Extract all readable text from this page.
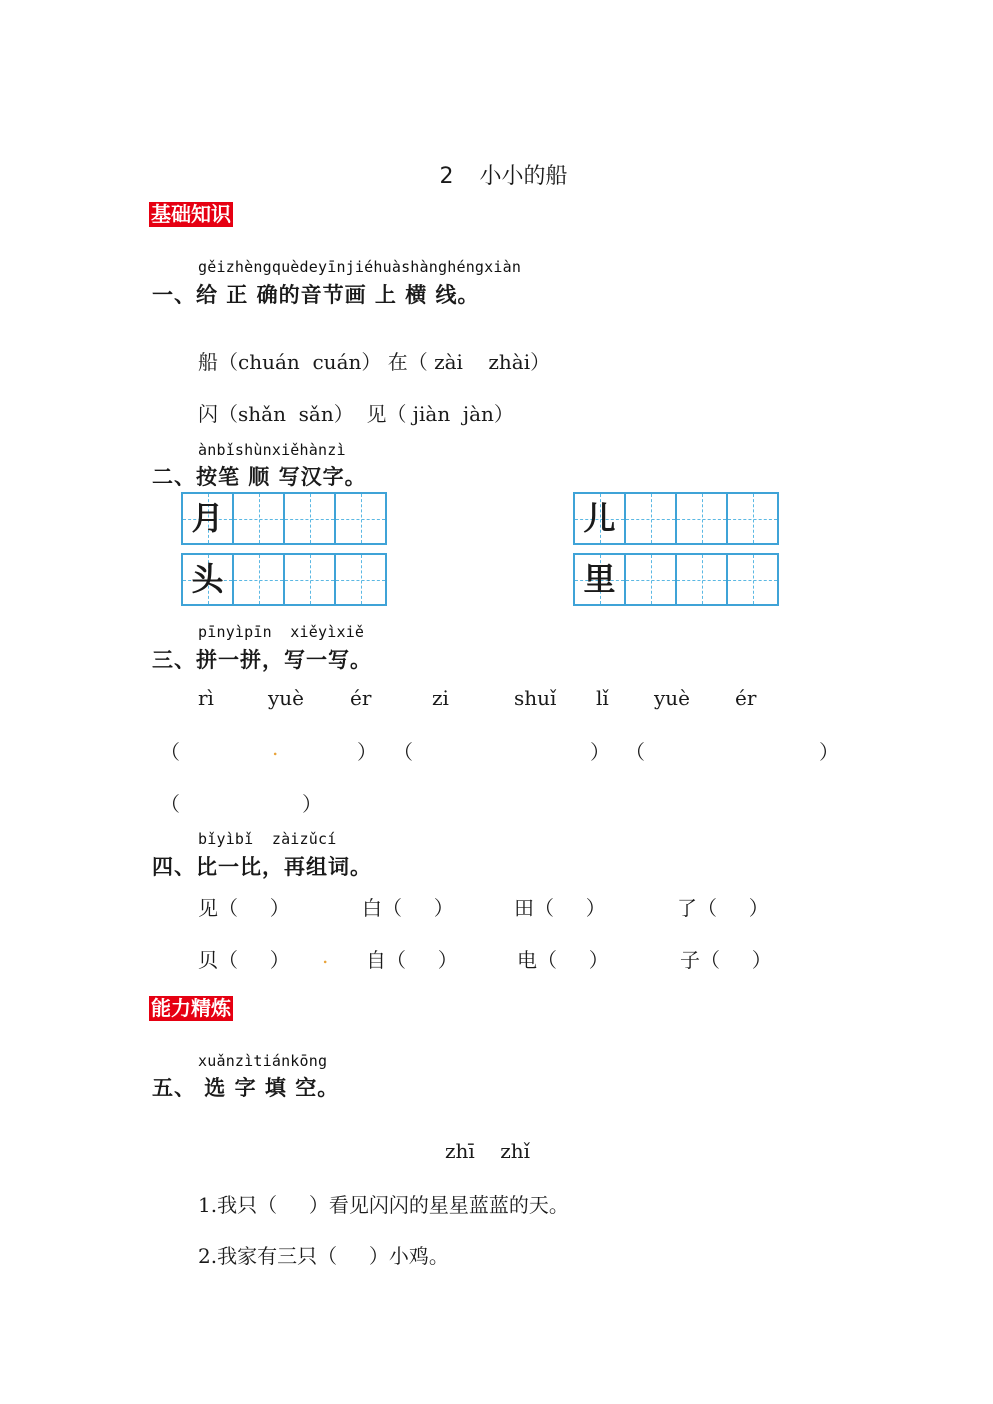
2 小小的船

基础知识
gěizhèngquèdeyīnjiéhuàshànghéngxiàn
一、给 正 确的音节画 上 横 线。
船（chuán  cuán） 在（ zài    zhài）
闪（shǎn  sǎn）  见（ jiàn  jàn）
ànbǐshùnxiěhànzì
二、按笔 顺 写汉字。
月
头
儿
里
pīnyìpīn  xiěyìxiě
三、拼一拼，写一写。
rì	yuè ér	zi	shuǐ lǐ yuè ér
（	.	） （	） （	）
（	）
bǐyìbǐ  zàizǔcí
四、比一比，再组词。
见（     ）	白（     ）	田（     ）	了（     ）
贝（     ） . 自（     ）	电（     ）	子（     ）
能力精炼
xuǎnzìtiánkōng
五、 选 字 填 空。
zhī    zhǐ
1.我只（     ）看见闪闪的星星蓝蓝的天。
2.我家有三只（     ）小鸡。
